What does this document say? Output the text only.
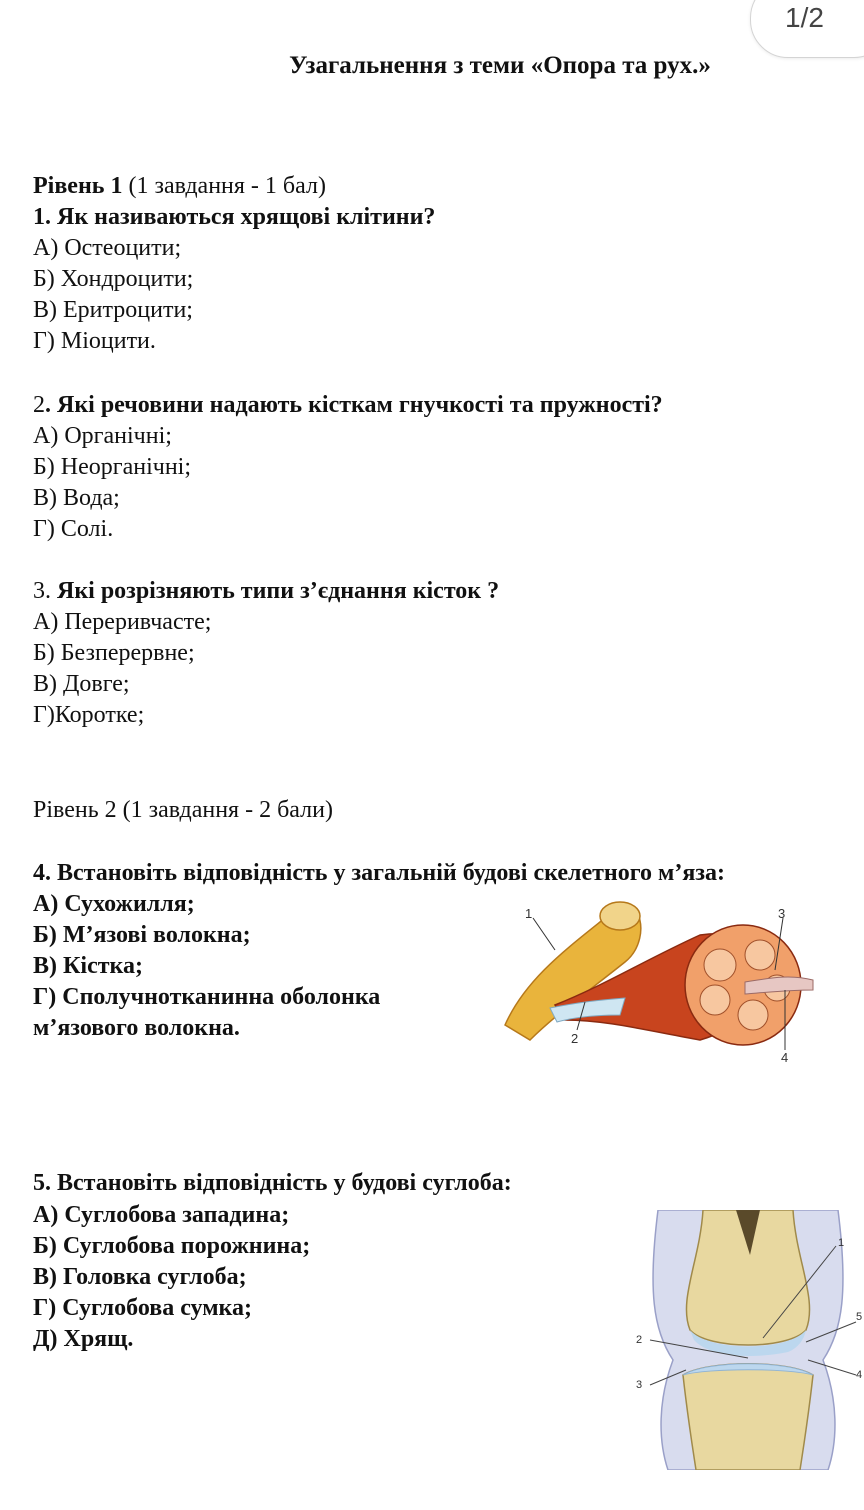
1/2
Узагальнення з теми «Опора та рух.»
Рівень 1 (1 завдання - 1 бал)
1. Як називаються хрящові клітини?
А) Остеоцити;
Б) Хондроцити;
В) Еритроцити;
Г) Міоцити.
2. Які речовини надають кісткам гнучкості та пружності?
А) Органічні;
Б) Неорганічні;
В) Вода;
Г) Солі.
3. Які розрізняють типи з’єднання кісток ?
А) Переривчасте;
Б) Безперервне;
В) Довге;
Г)Коротке;
Рівень 2 (1 завдання - 2 бали)
4. Встановіть відповідність у загальній будові скелетного м’яза:
А) Сухожилля;
Б) М’язові волокна;
В) Кістка;
Г) Сполучнотканинна оболонка
м’язового волокна.
1
2
3
4
5. Встановіть відповідність у будові суглоба:
А) Суглобова западина;
Б) Суглобова порожнина;
В) Головка суглоба;
Г) Суглобова сумка;
Д) Хрящ.
1
2
3
4
5
